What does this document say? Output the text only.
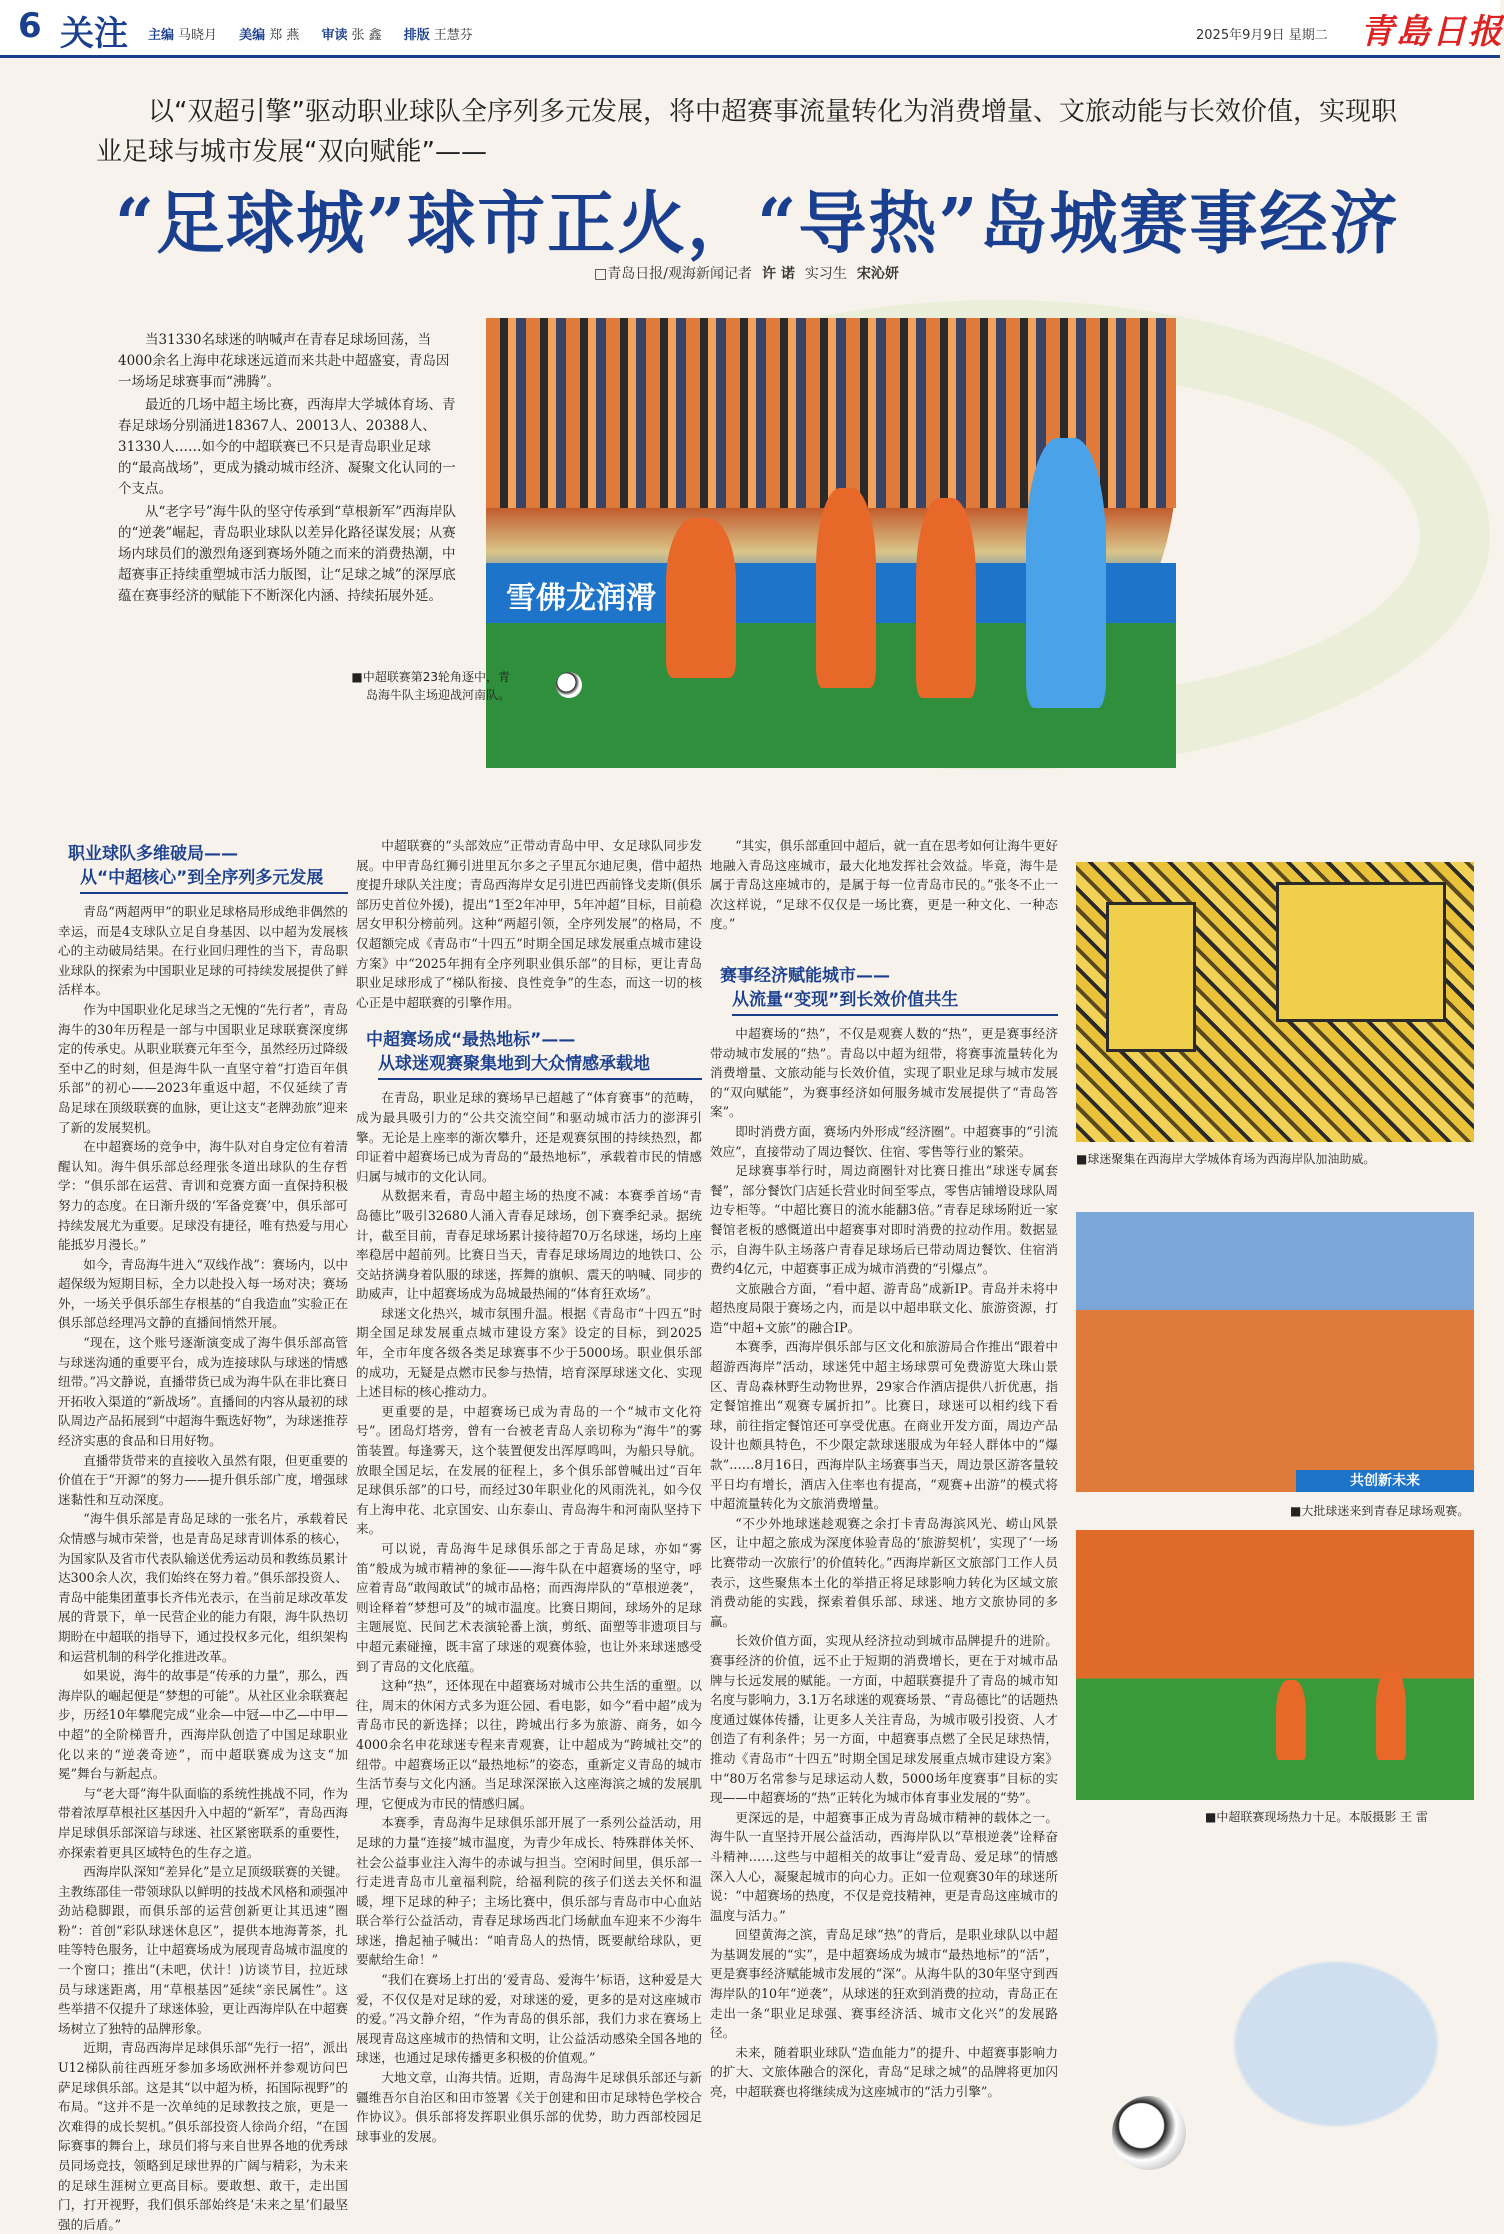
6 关注 主编 马晓月 美编 郑 燕 审读 张 鑫 排版 王慧芬	2025年9月9日 星期二 青島日报
以“双超引擎”驱动职业球队全序列多元发展，将中超赛事流量转化为消费增量、文旅动能与长效价值，实现职业足球与城市发展“双向赋能”——
“足球城”球市正火，“导热”岛城赛事经济
□青岛日报/观海新闻记者 许 诺 实习生 宋沁妍

当31330名球迷的呐喊声在青春足球场回荡，当4000余名上海申花球迷远道而来共赴中超盛宴，青岛因一场场足球赛事而“沸腾”。

最近的几场中超主场比赛，西海岸大学城体育场、青春足球场分别涌进18367人、20013人、20388人、31330人……如今的中超联赛已不只是青岛职业足球的“最高战场”，更成为撬动城市经济、凝聚文化认同的一个支点。

从“老字号”海牛队的坚守传承到“草根新军”西海岸队的“逆袭”崛起，青岛职业球队以差异化路径谋发展；从赛场内球员们的激烈角逐到赛场外随之而来的消费热潮，中超赛事正持续重塑城市活力版图，让“足球之城”的深厚底蕴在赛事经济的赋能下不断深化内涵、持续拓展外延。	雪佛龙润滑
■中超联赛第23轮角逐中，青岛海牛队主场迎战河南队。
职业球队多维破局——
从“中超核心”到全序列多元发展

青岛“两超两甲”的职业足球格局形成绝非偶然的幸运，而是4支球队立足自身基因、以中超为发展核心的主动破局结果。在行业回归理性的当下，青岛职业球队的探索为中国职业足球的可持续发展提供了鲜活样本。

作为中国职业化足球当之无愧的“先行者”，青岛海牛的30年历程是一部与中国职业足球联赛深度绑定的传承史。从职业联赛元年至今，虽然经历过降级至中乙的时刻，但是海牛队一直坚守着“打造百年俱乐部”的初心——2023年重返中超，不仅延续了青岛足球在顶级联赛的血脉，更让这支“老牌劲旅”迎来了新的发展契机。

在中超赛场的竞争中，海牛队对自身定位有着清醒认知。海牛俱乐部总经理张冬道出球队的生存哲学：“俱乐部在运营、青训和竞赛方面一直保持积极努力的态度。在日渐升级的‘军备竞赛’中，俱乐部可持续发展尤为重要。足球没有捷径，唯有热爱与用心能抵岁月漫长。”

如今，青岛海牛进入“双线作战”：赛场内，以中超保级为短期目标，全力以赴投入每一场对决；赛场外，一场关乎俱乐部生存根基的“自我造血”实验正在俱乐部总经理冯文静的直播间悄然开展。

“现在，这个账号逐渐演变成了海牛俱乐部高管与球迷沟通的重要平台，成为连接球队与球迷的情感纽带。”冯文静说，直播带货已成为海牛队在非比赛日开拓收入渠道的“新战场”。直播间的内容从最初的球队周边产品拓展到“中超海牛甄选好物”，为球迷推荐经济实惠的食品和日用好物。

直播带货带来的直接收入虽然有限，但更重要的价值在于“开源”的努力——提升俱乐部广度，增强球迷黏性和互动深度。

“海牛俱乐部是青岛足球的一张名片，承载着民众情感与城市荣誉，也是青岛足球青训体系的核心，为国家队及省市代表队输送优秀运动员和教练员累计达300余人次，我们始终在努力着。”俱乐部投资人、青岛中能集团董事长齐伟光表示，在当前足球改革发展的背景下，单一民营企业的能力有限，海牛队热切期盼在中超联的指导下，通过投权多元化，组织架构和运营机制的科学化推进改革。

如果说，海牛的故事是“传承的力量”，那么，西海岸队的崛起便是“梦想的可能”。从社区业余联赛起步，历经10年攀爬完成“业余—中冠—中乙—中甲—中超”的全阶梯晋升，西海岸队创造了中国足球职业化以来的“逆袭奇迹”，而中超联赛成为这支“加冕”舞台与新起点。

与“老大哥”海牛队面临的系统性挑战不同，作为带着浓厚草根社区基因升入中超的“新军”，青岛西海岸足球俱乐部深谙与球迷、社区紧密联系的重要性，亦探索着更具区域特色的生存之道。

西海岸队深知“差异化”是立足顶级联赛的关键。主教练邵佳一带领球队以鲜明的技战术风格和顽强冲劲站稳脚跟，而俱乐部的运营创新更让其迅速“圈粉”：首创“彩队球迷休息区”，提供本地海菁茶，扎哇等特色服务，让中超赛场成为展现青岛城市温度的一个窗口；推出“(未吧，伏计！)访谈节目，拉近球员与球迷距离，用“草根基因”延续“亲民属性”。这些举措不仅提升了球迷体验，更让西海岸队在中超赛场树立了独特的品牌形象。

近期，青岛西海岸足球俱乐部“先行一招”，派出U12梯队前往西班牙参加多场欧洲杯并参观访问巴萨足球俱乐部。这是其“以中超为桥，拓国际视野”的布局。“这并不是一次单纯的足球教技之旅，更是一次难得的成长契机。”俱乐部投资人徐尚介绍，“在国际赛事的舞台上，球员们将与来自世界各地的优秀球员同场竞技，领略到足球世界的广阔与精彩，为未来的足球生涯树立更高目标。要敢想、敢干，走出国门，打开视野，我们俱乐部始终是‘未来之星’们最坚强的后盾。”

中超联赛的“头部效应”正带动青岛中甲、女足球队同步发展。中甲青岛红狮引进里瓦尔多之子里瓦尔迪尼奥，借中超热度提升球队关注度；青岛西海岸女足引进巴西前锋戈麦斯(俱乐部历史首位外援)，提出“1至2年冲甲，5年冲超”目标，目前稳居女甲积分榜前列。这种“两超引领，全序列发展”的格局，不仅超额完成《青岛市“十四五”时期全国足球发展重点城市建设方案》中“2025年拥有全序列职业俱乐部”的目标，更让青岛职业足球形成了“梯队衔接、良性竞争”的生态，而这一切的核心正是中超联赛的引擎作用。

中超赛场成“最热地标”——
从球迷观赛聚集地到大众情感承载地

在青岛，职业足球的赛场早已超越了“体育赛事”的范畴，成为最具吸引力的“公共交流空间”和驱动城市活力的澎湃引擎。无论是上座率的渐次攀升，还是观赛氛围的持续热烈，都印证着中超赛场已成为青岛的“最热地标”，承载着市民的情感归属与城市的文化认同。

从数据来看，青岛中超主场的热度不减：本赛季首场“青岛德比”吸引32680人涌入青春足球场，创下赛季纪录。据统计，截至目前，青春足球场累计接待超70万名球迷，场均上座率稳居中超前列。比赛日当天，青春足球场周边的地铁口、公交站挤满身着队服的球迷，挥舞的旗帜、震天的呐喊、同步的助威声，让中超赛场成为岛城最热闹的“体育狂欢场”。

球迷文化热兴，城市氛围升温。根据《青岛市“十四五”时期全国足球发展重点城市建设方案》设定的目标，到2025年，全市年度各级各类足球赛事不少于5000场。职业俱乐部的成功，无疑是点燃市民参与热情，培育深厚球迷文化、实现上述目标的核心推动力。

更重要的是，中超赛场已成为青岛的一个“城市文化符号”。团岛灯塔旁，曾有一台被老青岛人亲切称为“海牛”的雾笛装置。每逢雾天，这个装置便发出浑厚鸣叫，为船只导航。放眼全国足坛，在发展的征程上，多个俱乐部曾喊出过“百年足球俱乐部”的口号，而经过30年职业化的风雨洗礼，如今仅有上海申花、北京国安、山东泰山、青岛海牛和河南队坚持下来。

可以说，青岛海牛足球俱乐部之于青岛足球，亦如“雾笛”般成为城市精神的象征——海牛队在中超赛场的坚守，呼应着青岛“敢闯敢试”的城市品格；而西海岸队的“草根逆袭”，则诠释着“梦想可及”的城市温度。比赛日期间，球场外的足球主题展览、民间艺术表演轮番上演，剪纸、面塑等非遗项目与中超元素碰撞，既丰富了球迷的观赛体验，也让外来球迷感受到了青岛的文化底蕴。

这种“热”，还体现在中超赛场对城市公共生活的重塑。以往，周末的休闲方式多为逛公园、看电影，如今“看中超”成为青岛市民的新选择；以往，跨城出行多为旅游、商务，如今4000余名申花球迷专程来青观赛，让中超成为“跨城社交”的纽带。中超赛场正以“最热地标”的姿态，重新定义青岛的城市生活节奏与文化内涵。当足球深深嵌入这座海滨之城的发展肌理，它便成为市民的情感归属。

本赛季，青岛海牛足球俱乐部开展了一系列公益活动，用足球的力量“连接”城市温度，为青少年成长、特殊群体关怀、社会公益事业注入海牛的赤诚与担当。空闲时间里，俱乐部一行走进青岛市儿童福利院，给福利院的孩子们送去关怀和温暖，埋下足球的种子；主场比赛中，俱乐部与青岛市中心血站联合举行公益活动，青春足球场西北门场献血车迎来不少海牛球迷，撸起袖子喊出：“咱青岛人的热情，既要献给球队，更要献给生命！”

“我们在赛场上打出的‘爱青岛、爱海牛’标语，这种爱是大爱，不仅仅是对足球的爱，对球迷的爱，更多的是对这座城市的爱。”冯文静介绍，“作为青岛的俱乐部，我们力求在赛场上展现青岛这座城市的热情和文明，让公益活动感染全国各地的球迷，也通过足球传播更多积极的价值观。”

大地文章，山海共情。近期，青岛海牛足球俱乐部还与新疆维吾尔自治区和田市签署《关于创建和田市足球特色学校合作协议》。俱乐部将发挥职业俱乐部的优势，助力西部校园足球事业的发展。

“其实，俱乐部重回中超后，就一直在思考如何让海牛更好地融入青岛这座城市，最大化地发挥社会效益。毕竟，海牛是属于青岛这座城市的，是属于每一位青岛市民的。”张冬不止一次这样说，“足球不仅仅是一场比赛，更是一种文化、一种态度。”

赛事经济赋能城市——
从流量“变现”到长效价值共生

中超赛场的“热”，不仅是观赛人数的“热”，更是赛事经济带动城市发展的“热”。青岛以中超为纽带，将赛事流量转化为消费增量、文旅动能与长效价值，实现了职业足球与城市发展的“双向赋能”，为赛事经济如何服务城市发展提供了“青岛答案”。

即时消费方面，赛场内外形成“经济圈”。中超赛事的“引流效应”，直接带动了周边餐饮、住宿、零售等行业的繁荣。

足球赛事举行时，周边商圈针对比赛日推出“球迷专属套餐”，部分餐饮门店延长营业时间至零点，零售店铺增设球队周边专柜等。“中超比赛日的流水能翻3倍。”青春足球场附近一家餐馆老板的感慨道出中超赛事对即时消费的拉动作用。数据显示，自海牛队主场落户青春足球场后已带动周边餐饮、住宿消费约4亿元，中超赛事正成为城市消费的“引爆点”。

文旅融合方面，“看中超、游青岛”成新IP。青岛并未将中超热度局限于赛场之内，而是以中超串联文化、旅游资源，打造“中超+文旅”的融合IP。

本赛季，西海岸俱乐部与区文化和旅游局合作推出“跟着中超游西海岸”活动，球迷凭中超主场球票可免费游览大珠山景区、青岛森林野生动物世界，29家合作酒店提供八折优惠，指定餐馆推出“观赛专属折扣”。比赛日，球迷可以相约线下看球，前往指定餐馆还可享受优惠。在商业开发方面，周边产品设计也颇具特色，不少限定款球迷服成为年轻人群体中的“爆款”……8月16日，西海岸队主场赛事当天，周边景区游客量较平日均有增长，酒店入住率也有提高，“观赛+出游”的模式将中超流量转化为文旅消费增量。

“不少外地球迷趁观赛之余打卡青岛海滨风光、崂山风景区，让中超之旅成为深度体验青岛的‘旅游契机’，实现了‘一场比赛带动一次旅行’的价值转化。”西海岸新区文旅部门工作人员表示，这些聚焦本土化的举措正将足球影响力转化为区域文旅消费动能的实践，探索着俱乐部、球迷、地方文旅协同的多赢。

长效价值方面，实现从经济拉动到城市品牌提升的进阶。赛事经济的价值，远不止于短期的消费增长，更在于对城市品牌与长远发展的赋能。一方面，中超联赛提升了青岛的城市知名度与影响力，3.1万名球迷的观赛场景、“青岛德比”的话题热度通过媒体传播，让更多人关注青岛，为城市吸引投资、人才创造了有利条件；另一方面，中超赛事点燃了全民足球热情，推动《青岛市“十四五”时期全国足球发展重点城市建设方案》中“80万名常参与足球运动人数，5000场年度赛事”目标的实现——中超赛场的“热”正转化为城市体育事业发展的“势”。

更深远的是，中超赛事正成为青岛城市精神的载体之一。海牛队一直坚持开展公益活动，西海岸队以“草根逆袭”诠释奋斗精神……这些与中超相关的故事让“爱青岛、爱足球”的情感深入人心，凝聚起城市的向心力。正如一位观赛30年的球迷所说：“中超赛场的热度，不仅是竞技精神，更是青岛这座城市的温度与活力。”

回望黄海之滨，青岛足球“热”的背后，是职业球队以中超为基调发展的“实”，是中超赛场成为城市“最热地标”的“活”，更是赛事经济赋能城市发展的“深”。从海牛队的30年坚守到西海岸队的10年“逆袭”，从球迷的狂欢到消费的拉动，青岛正在走出一条“职业足球强、赛事经济活、城市文化兴”的发展路径。

未来，随着职业球队“造血能力”的提升、中超赛事影响力的扩大、文旅体融合的深化，青岛“足球之城”的品牌将更加闪亮，中超联赛也将继续成为这座城市的“活力引擎”。

■球迷聚集在西海岸大学城体育场为西海岸队加油助威。
共创新未来
■大批球迷来到青春足球场观赛。
■中超联赛现场热力十足。本版摄影 王 雷
